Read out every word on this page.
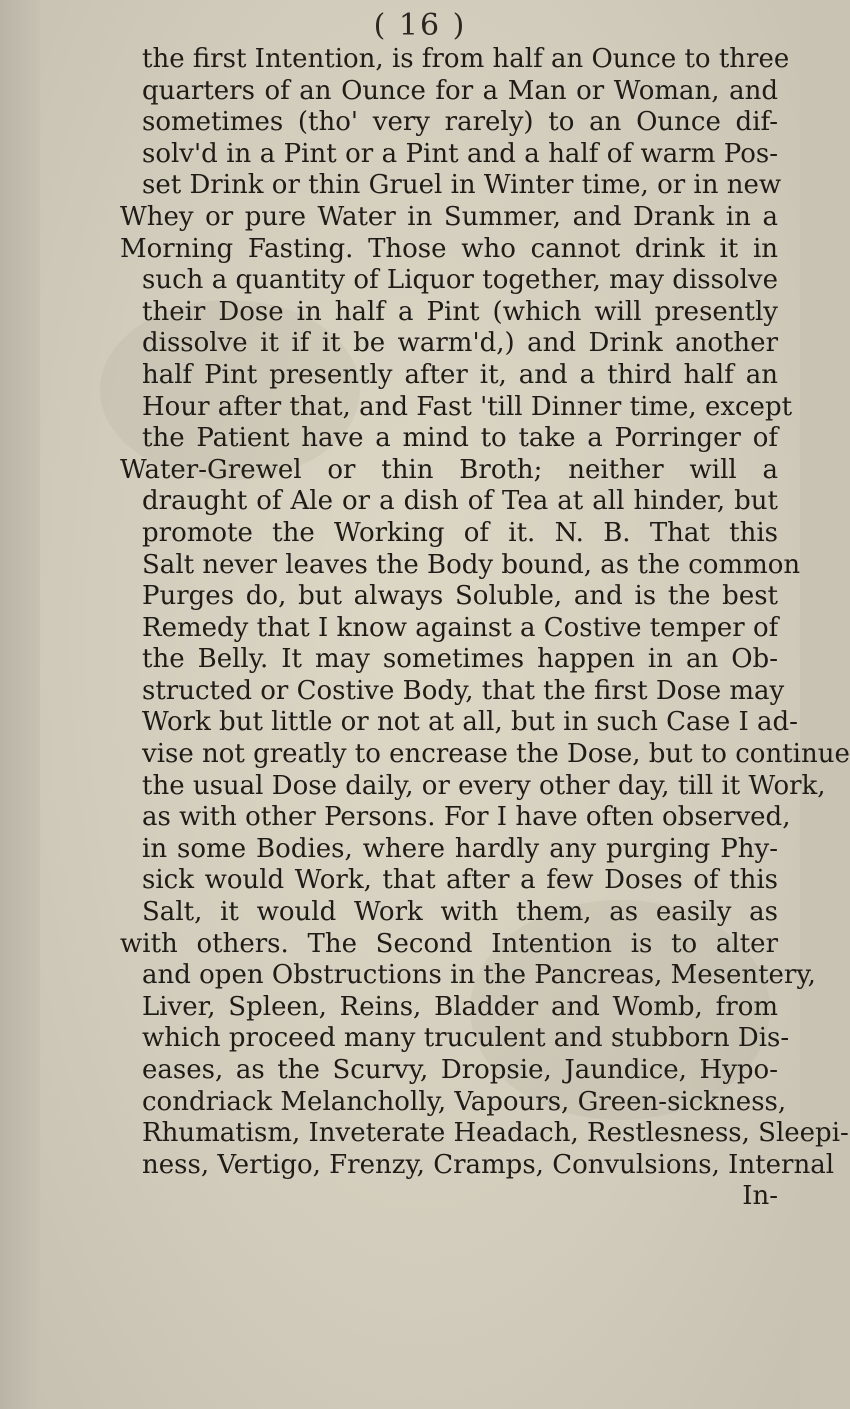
( 16 )
the first Intention, is from half an Ounce to three
quarters of an Ounce for a Man or Woman, and
sometimes (tho' very rarely) to an Ounce dif-
solv'd in a Pint or a Pint and a half of warm Pos-
set Drink or thin Gruel in Winter time, or in new
Whey or pure Water in Summer, and Drank in a
Morning Fasting. Those who cannot drink it in
such a quantity of Liquor together, may dissolve
their Dose in half a Pint (which will presently
dissolve it if it be warm'd,) and Drink another
half Pint presently after it, and a third half an
Hour after that, and Fast 'till Dinner time, except
the Patient have a mind to take a Porringer of
Water-Grewel or thin Broth; neither will a
draught of Ale or a dish of Tea at all hinder, but
promote the Working of it. N. B. That this
Salt never leaves the Body bound, as the common
Purges do, but always Soluble, and is the best
Remedy that I know against a Costive temper of
the Belly. It may sometimes happen in an Ob-
structed or Costive Body, that the first Dose may
Work but little or not at all, but in such Case I ad-
vise not greatly to encrease the Dose, but to continue
the usual Dose daily, or every other day, till it Work,
as with other Persons. For I have often observed,
in some Bodies, where hardly any purging Phy-
sick would Work, that after a few Doses of this
Salt, it would Work with them, as easily as
with others. The Second Intention is to alter
and open Obstructions in the Pancreas, Mesentery,
Liver, Spleen, Reins, Bladder and Womb, from
which proceed many truculent and stubborn Dis-
eases, as the Scurvy, Dropsie, Jaundice, Hypo-
condriack Melancholly, Vapours, Green-sickness,
Rhumatism, Inveterate Headach, Restlesness, Sleepi-
ness, Vertigo, Frenzy, Cramps, Convulsions, Internal
In-
